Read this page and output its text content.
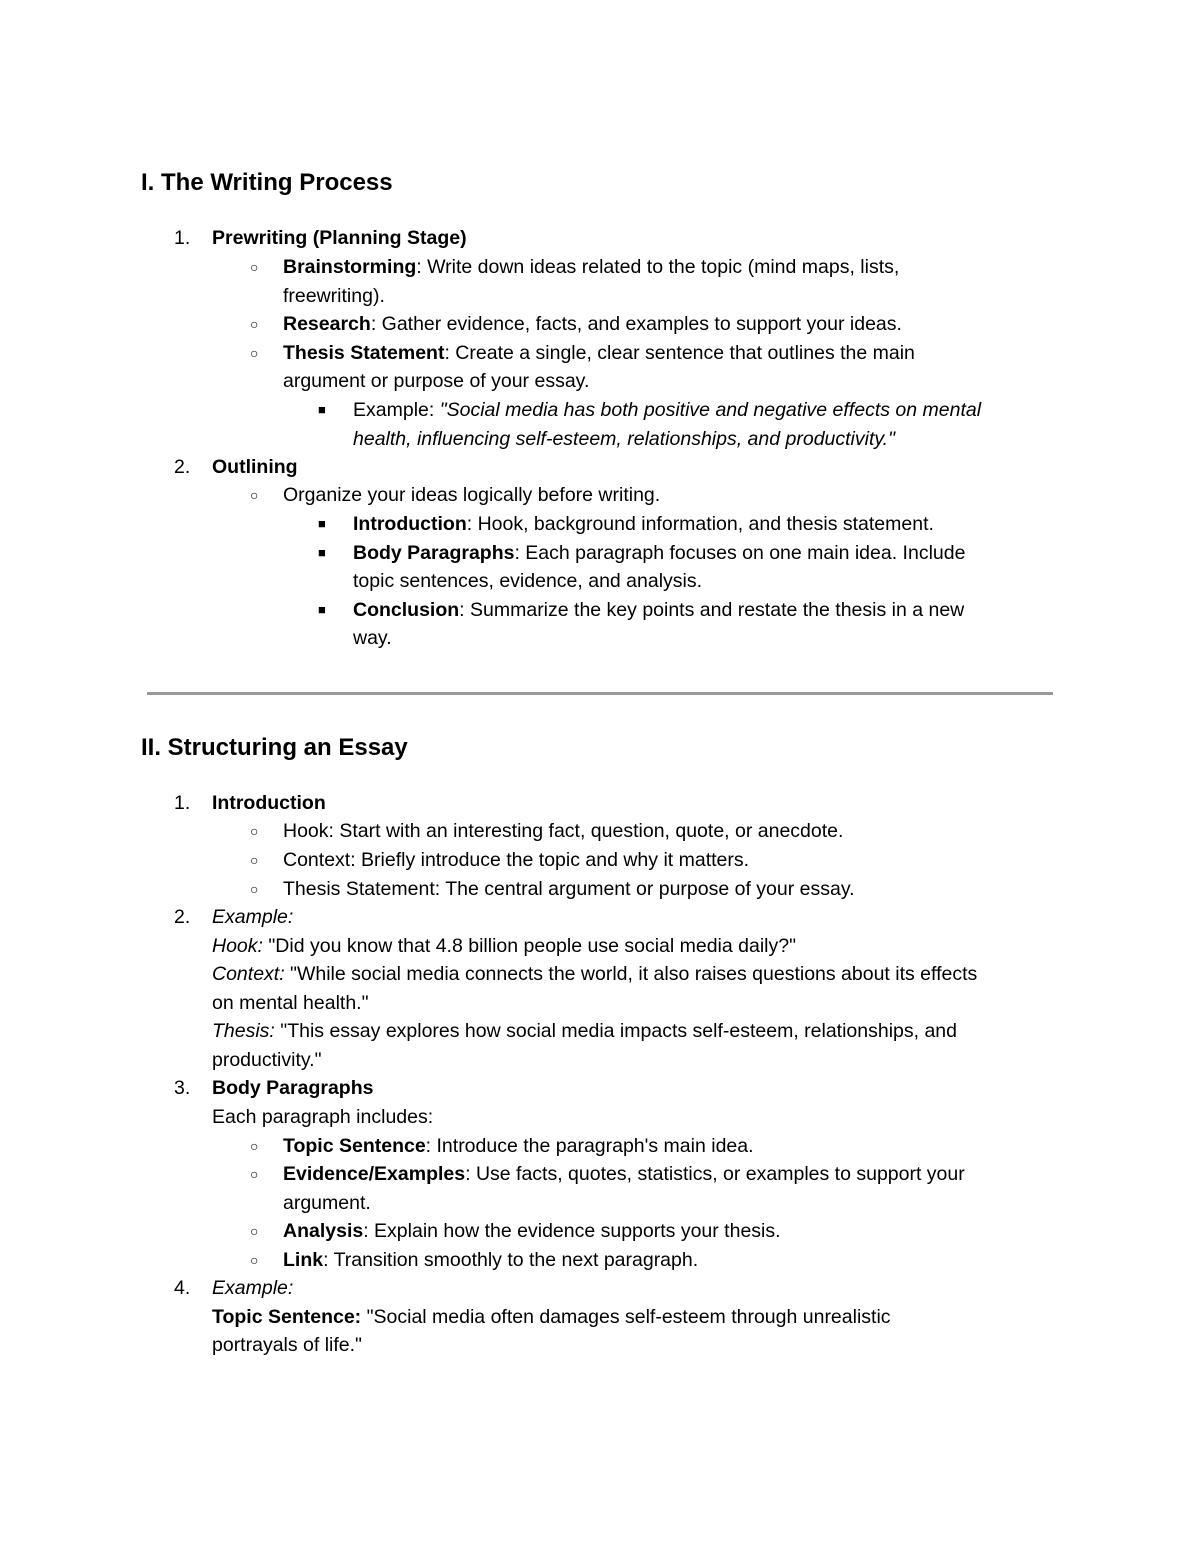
I. The Writing Process
1. Prewriting (Planning Stage)
○ Brainstorming: Write down ideas related to the topic (mind maps, lists,
freewriting).
○ Research: Gather evidence, facts, and examples to support your ideas.
○ Thesis Statement: Create a single, clear sentence that outlines the main
argument or purpose of your essay.
■ Example: "Social media has both positive and negative effects on mental
health, influencing self-esteem, relationships, and productivity."
2. Outlining
○ Organize your ideas logically before writing.
■ Introduction: Hook, background information, and thesis statement.
■ Body Paragraphs: Each paragraph focuses on one main idea. Include
topic sentences, evidence, and analysis.
■ Conclusion: Summarize the key points and restate the thesis in a new
way.
II. Structuring an Essay
1. Introduction
○ Hook: Start with an interesting fact, question, quote, or anecdote.
○ Context: Briefly introduce the topic and why it matters.
○ Thesis Statement: The central argument or purpose of your essay.
2. Example:
Hook: "Did you know that 4.8 billion people use social media daily?"
Context: "While social media connects the world, it also raises questions about its effects
on mental health."
Thesis: "This essay explores how social media impacts self-esteem, relationships, and
productivity."
3. Body Paragraphs
Each paragraph includes:
○ Topic Sentence: Introduce the paragraph's main idea.
○ Evidence/Examples: Use facts, quotes, statistics, or examples to support your
argument.
○ Analysis: Explain how the evidence supports your thesis.
○ Link: Transition smoothly to the next paragraph.
4. Example:
Topic Sentence: "Social media often damages self-esteem through unrealistic
portrayals of life."
